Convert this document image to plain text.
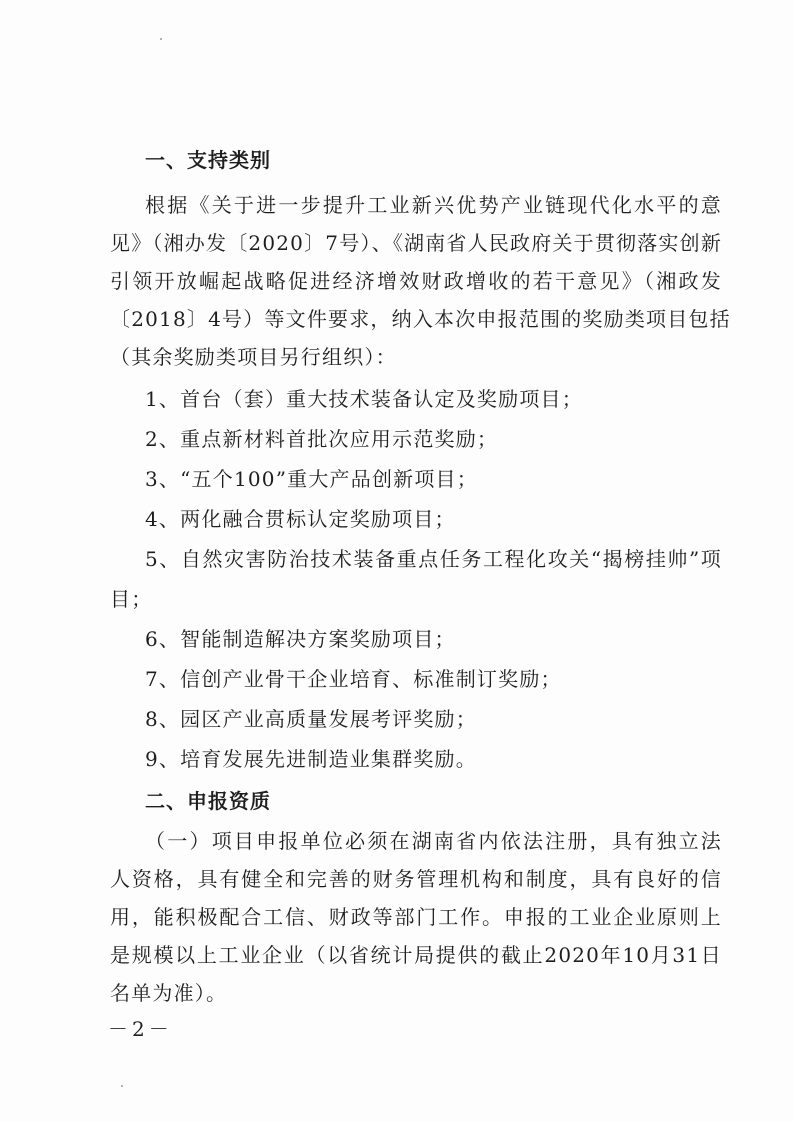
一、支持类别
根据《关于进一步提升工业新兴优势产业链现代化水平的意
见》（湘办发〔2020〕7号）、《湖南省人民政府关于贯彻落实创新
引领开放崛起战略促进经济增效财政增收的若干意见》（湘政发
〔2018〕4号）等文件要求，纳入本次申报范围的奖励类项目包括
（其余奖励类项目另行组织）：
1、首台（套）重大技术装备认定及奖励项目；
2、重点新材料首批次应用示范奖励；
3、“五个100”重大产品创新项目；
4、两化融合贯标认定奖励项目；
5、自然灾害防治技术装备重点任务工程化攻关“揭榜挂帅”项
目；
6、智能制造解决方案奖励项目；
7、信创产业骨干企业培育、标准制订奖励；
8、园区产业高质量发展考评奖励；
9、培育发展先进制造业集群奖励。
二、申报资质
（一）项目申报单位必须在湖南省内依法注册，具有独立法
人资格，具有健全和完善的财务管理机构和制度，具有良好的信
用，能积极配合工信、财政等部门工作。申报的工业企业原则上
是规模以上工业企业（以省统计局提供的截止2020年10月31日
名单为准）。
－2－
